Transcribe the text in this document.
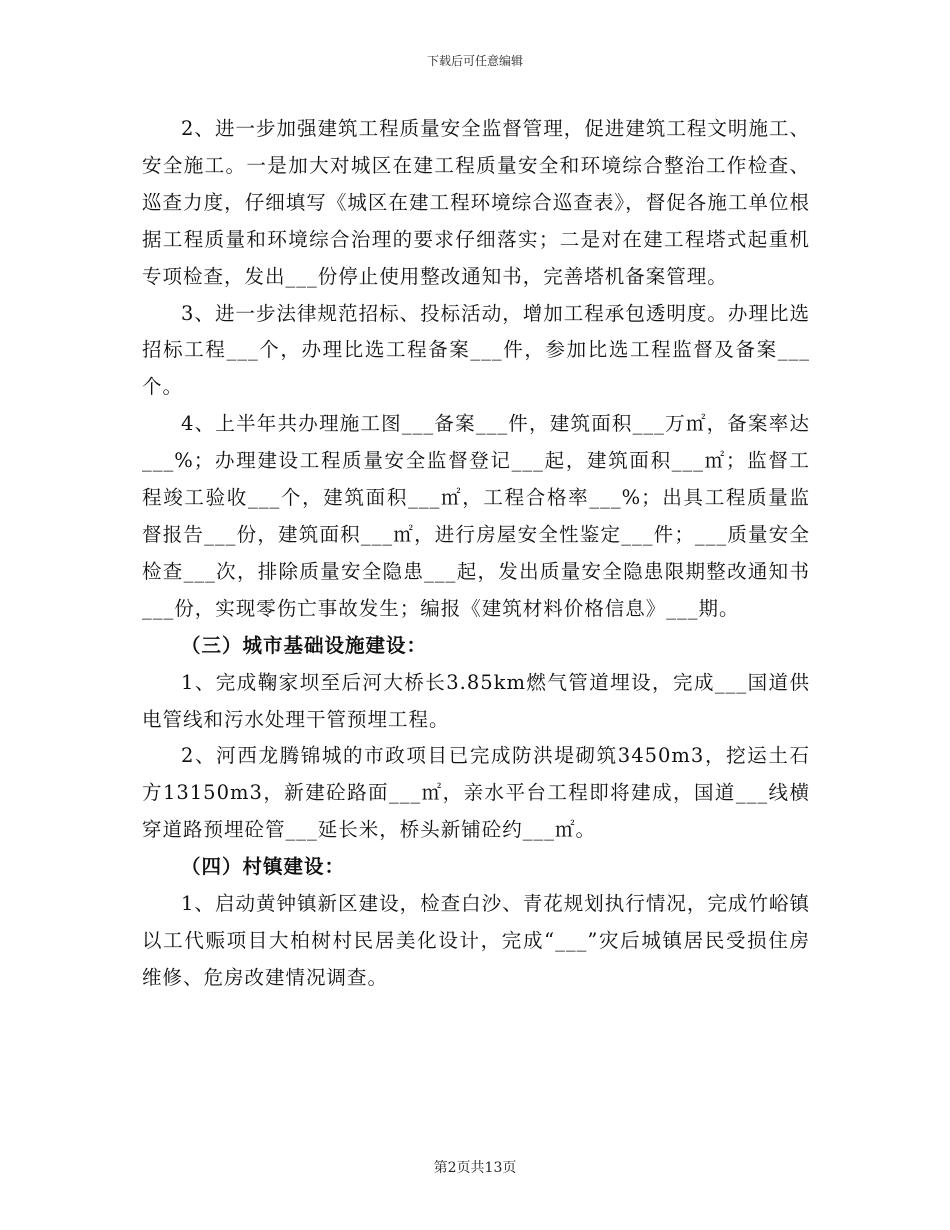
下载后可任意编辑

2、进一步加强建筑工程质量安全监督管理，促进建筑工程文明施工、安全施工。一是加大对城区在建工程质量安全和环境综合整治工作检查、巡查力度，仔细填写《城区在建工程环境综合巡查表》，督促各施工单位根据工程质量和环境综合治理的要求仔细落实；二是对在建工程塔式起重机专项检查，发出___份停止使用整改通知书，完善塔机备案管理。

3、进一步法律规范招标、投标活动，增加工程承包透明度。办理比选招标工程___个，办理比选工程备案___件，参加比选工程监督及备案___个。

4、上半年共办理施工图___备案___件，建筑面积___万㎡，备案率达___%；办理建设工程质量安全监督登记___起，建筑面积___㎡；监督工程竣工验收___个，建筑面积___㎡，工程合格率___%；出具工程质量监督报告___份，建筑面积___㎡，进行房屋安全性鉴定___件；___质量安全检查___次，排除质量安全隐患___起，发出质量安全隐患限期整改通知书___份，实现零伤亡事故发生；编报《建筑材料价格信息》___期。

（三）城市基础设施建设：

1、完成鞠家坝至后河大桥长3.85km燃气管道埋设，完成___国道供电管线和污水处理干管预埋工程。

2、河西龙腾锦城的市政项目已完成防洪堤砌筑3450m3，挖运土石方13150m3，新建砼路面___㎡，亲水平台工程即将建成，国道___线横穿道路预埋砼管___延长米，桥头新铺砼约___㎡。

（四）村镇建设：

1、启动黄钟镇新区建设，检查白沙、青花规划执行情况，完成竹峪镇以工代赈项目大柏树村民居美化设计，完成“___”灾后城镇居民受损住房维修、危房改建情况调查。

第2页共13页
